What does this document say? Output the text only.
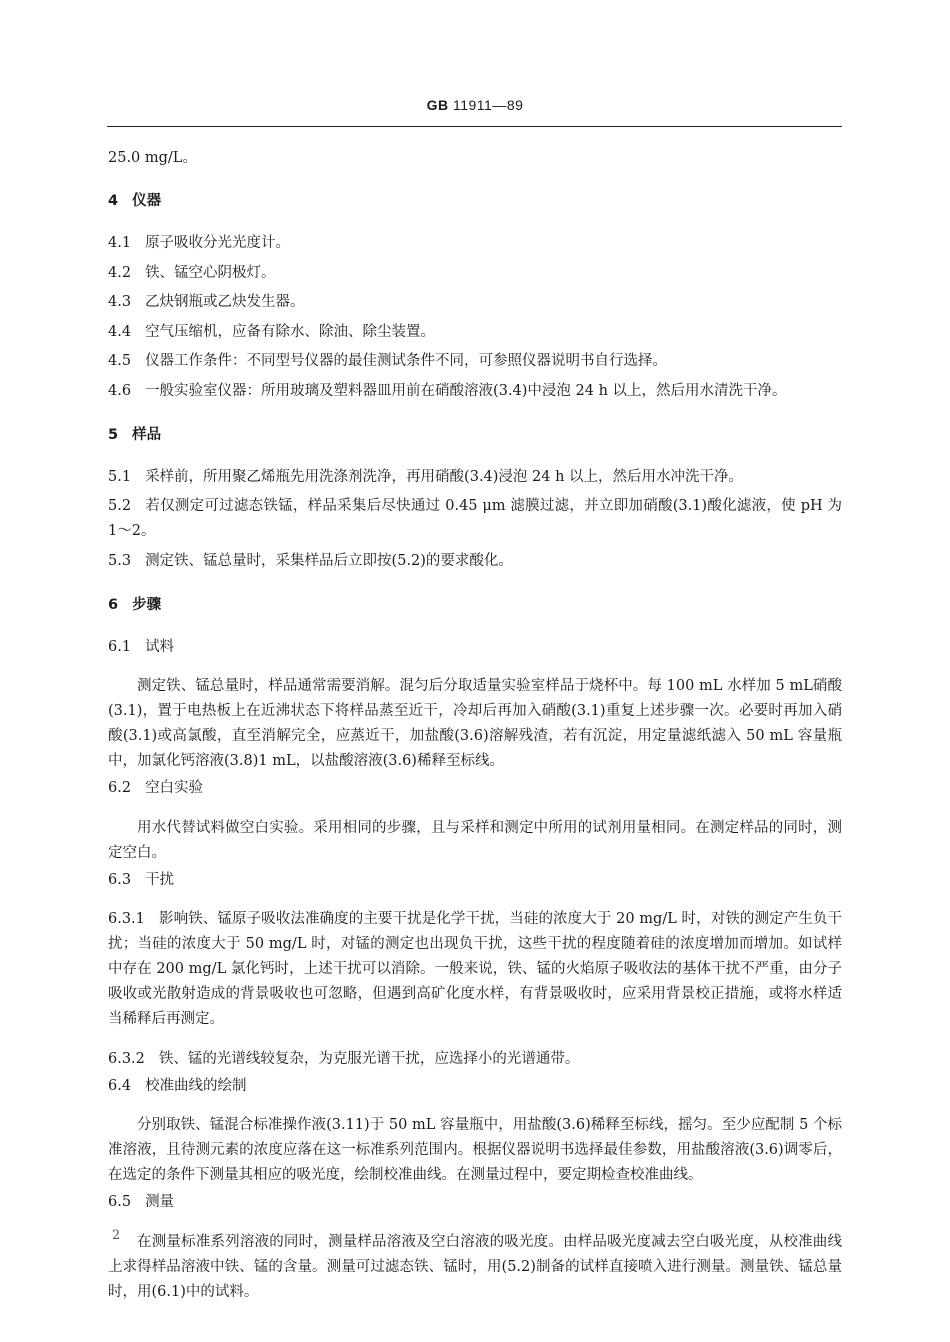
GB 11911—89

25.0 mg/L。

4 仪器

4.1 原子吸收分光光度计。

4.2 铁、锰空心阴极灯。

4.3 乙炔钢瓶或乙炔发生器。

4.4 空气压缩机，应备有除水、除油、除尘装置。

4.5 仪器工作条件：不同型号仪器的最佳测试条件不同，可参照仪器说明书自行选择。

4.6 一般实验室仪器：所用玻璃及塑料器皿用前在硝酸溶液(3.4)中浸泡 24 h 以上，然后用水清洗干净。

5 样品

5.1 采样前，所用聚乙烯瓶先用洗涤剂洗净，再用硝酸(3.4)浸泡 24 h 以上，然后用水冲洗干净。

5.2 若仅测定可过滤态铁锰，样品采集后尽快通过 0.45 μm 滤膜过滤，并立即加硝酸(3.1)酸化滤液，使 pH 为 1～2。

5.3 测定铁、锰总量时，采集样品后立即按(5.2)的要求酸化。

6 步骤

6.1 试料

测定铁、锰总量时，样品通常需要消解。混匀后分取适量实验室样品于烧杯中。每 100 mL 水样加 5 mL硝酸(3.1)，置于电热板上在近沸状态下将样品蒸至近干，冷却后再加入硝酸(3.1)重复上述步骤一次。必要时再加入硝酸(3.1)或高氯酸，直至消解完全，应蒸近干，加盐酸(3.6)溶解残渣，若有沉淀，用定量滤纸滤入 50 mL 容量瓶中，加氯化钙溶液(3.8)1 mL，以盐酸溶液(3.6)稀释至标线。

6.2 空白实验

用水代替试料做空白实验。采用相同的步骤，且与采样和测定中所用的试剂用量相同。在测定样品的同时，测定空白。

6.3 干扰

6.3.1 影响铁、锰原子吸收法准确度的主要干扰是化学干扰，当硅的浓度大于 20 mg/L 时，对铁的测定产生负干扰；当硅的浓度大于 50 mg/L 时，对锰的测定也出现负干扰，这些干扰的程度随着硅的浓度增加而增加。如试样中存在 200 mg/L 氯化钙时，上述干扰可以消除。一般来说，铁、锰的火焰原子吸收法的基体干扰不严重，由分子吸收或光散射造成的背景吸收也可忽略，但遇到高矿化度水样，有背景吸收时，应采用背景校正措施，或将水样适当稀释后再测定。

6.3.2 铁、锰的光谱线较复杂，为克服光谱干扰，应选择小的光谱通带。

6.4 校准曲线的绘制

分别取铁、锰混合标准操作液(3.11)于 50 mL 容量瓶中，用盐酸(3.6)稀释至标线，摇匀。至少应配制 5 个标准溶液，且待测元素的浓度应落在这一标准系列范围内。根据仪器说明书选择最佳参数，用盐酸溶液(3.6)调零后，在选定的条件下测量其相应的吸光度，绘制校准曲线。在测量过程中，要定期检查校准曲线。

6.5 测量

在测量标准系列溶液的同时，测量样品溶液及空白溶液的吸光度。由样品吸光度减去空白吸光度，从校准曲线上求得样品溶液中铁、锰的含量。测量可过滤态铁、锰时，用(5.2)制备的试样直接喷入进行测量。测量铁、锰总量时，用(6.1)中的试料。

2
